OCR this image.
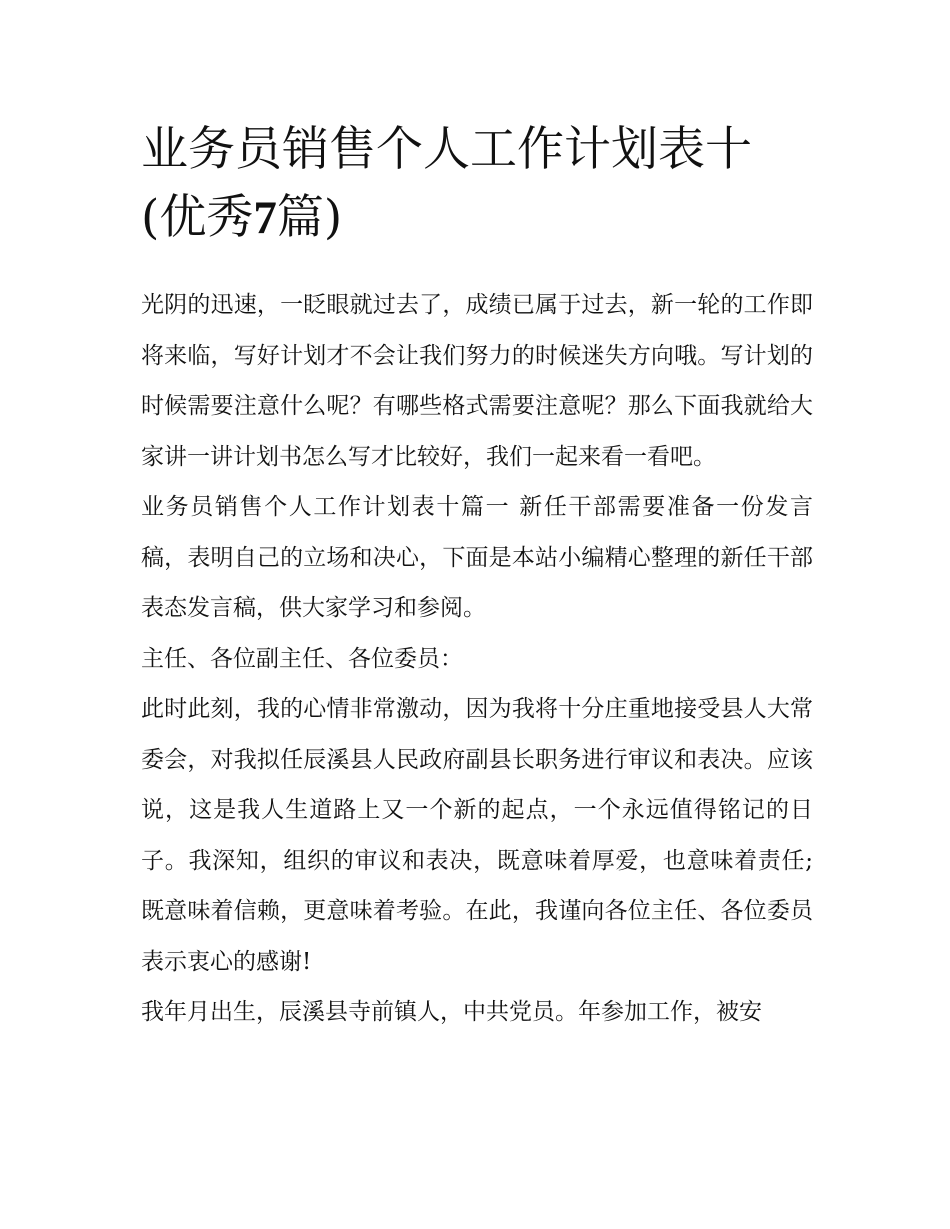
业务员销售个人工作计划表十
(优秀7篇)

光阴的迅速，一眨眼就过去了，成绩已属于过去，新一轮的工作即将来临，写好计划才不会让我们努力的时候迷失方向哦。写计划的时候需要注意什么呢？有哪些格式需要注意呢？那么下面我就给大家讲一讲计划书怎么写才比较好，我们一起来看一看吧。

业务员销售个人工作计划表十篇一 新任干部需要准备一份发言稿，表明自己的立场和决心，下面是本站小编精心整理的新任干部表态发言稿，供大家学习和参阅。

主任、各位副主任、各位委员：

此时此刻，我的心情非常激动，因为我将十分庄重地接受县人大常委会，对我拟任辰溪县人民政府副县长职务进行审议和表决。应该说，这是我人生道路上又一个新的起点，一个永远值得铭记的日子。我深知，组织的审议和表决，既意味着厚爱，也意味着责任;既意味着信赖，更意味着考验。在此，我谨向各位主任、各位委员表示衷心的感谢!

我年月出生，辰溪县寺前镇人，中共党员。年参加工作，被安
